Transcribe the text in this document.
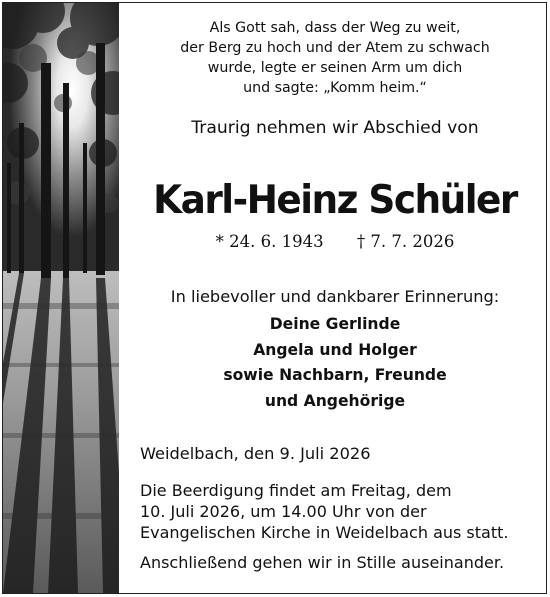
Als Gott sah, dass der Weg zu weit,
der Berg zu hoch und der Atem zu schwach
wurde, legte er seinen Arm um dich
und sagte: „Komm heim.“
Traurig nehmen wir Abschied von
Karl-Heinz Schüler
* 24. 6. 1943 † 7. 7. 2026
In liebevoller und dankbarer Erinnerung:
Deine Gerlinde
Angela und Holger
sowie Nachbarn, Freunde
und Angehörige
Weidelbach, den 9. Juli 2026
Die Beerdigung findet am Freitag, dem
10. Juli 2026, um 14.00 Uhr von der
Evangelischen Kirche in Weidelbach aus statt.
Anschließend gehen wir in Stille auseinander.
